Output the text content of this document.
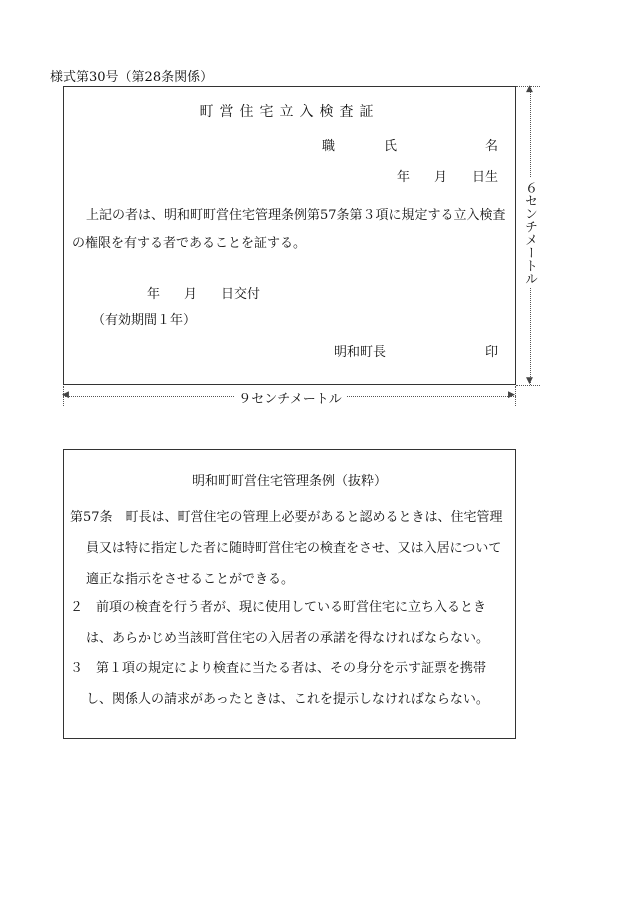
様式第30号（第28条関係）
町営住宅立入検査証
職	氏	名
年 月 日生
上記の者は、明和町町営住宅管理条例第57条第３項に規定する立入検査の権限を有する者であることを証する。
年 月 日交付
（有効期間１年）
明和町長	印
▲
▼
６センチメートル
◀	▶
９センチメートル
明和町町営住宅管理条例（抜粋）
第57条　町長は、町営住宅の管理上必要があると認めるときは、住宅管理員又は特に指定した者に随時町営住宅の検査をさせ、又は入居について適正な指示をさせることができる。
２　前項の検査を行う者が、現に使用している町営住宅に立ち入るときは、あらかじめ当該町営住宅の入居者の承諾を得なければならない。
３　第１項の規定により検査に当たる者は、その身分を示す証票を携帯し、関係人の請求があったときは、これを提示しなければならない。
